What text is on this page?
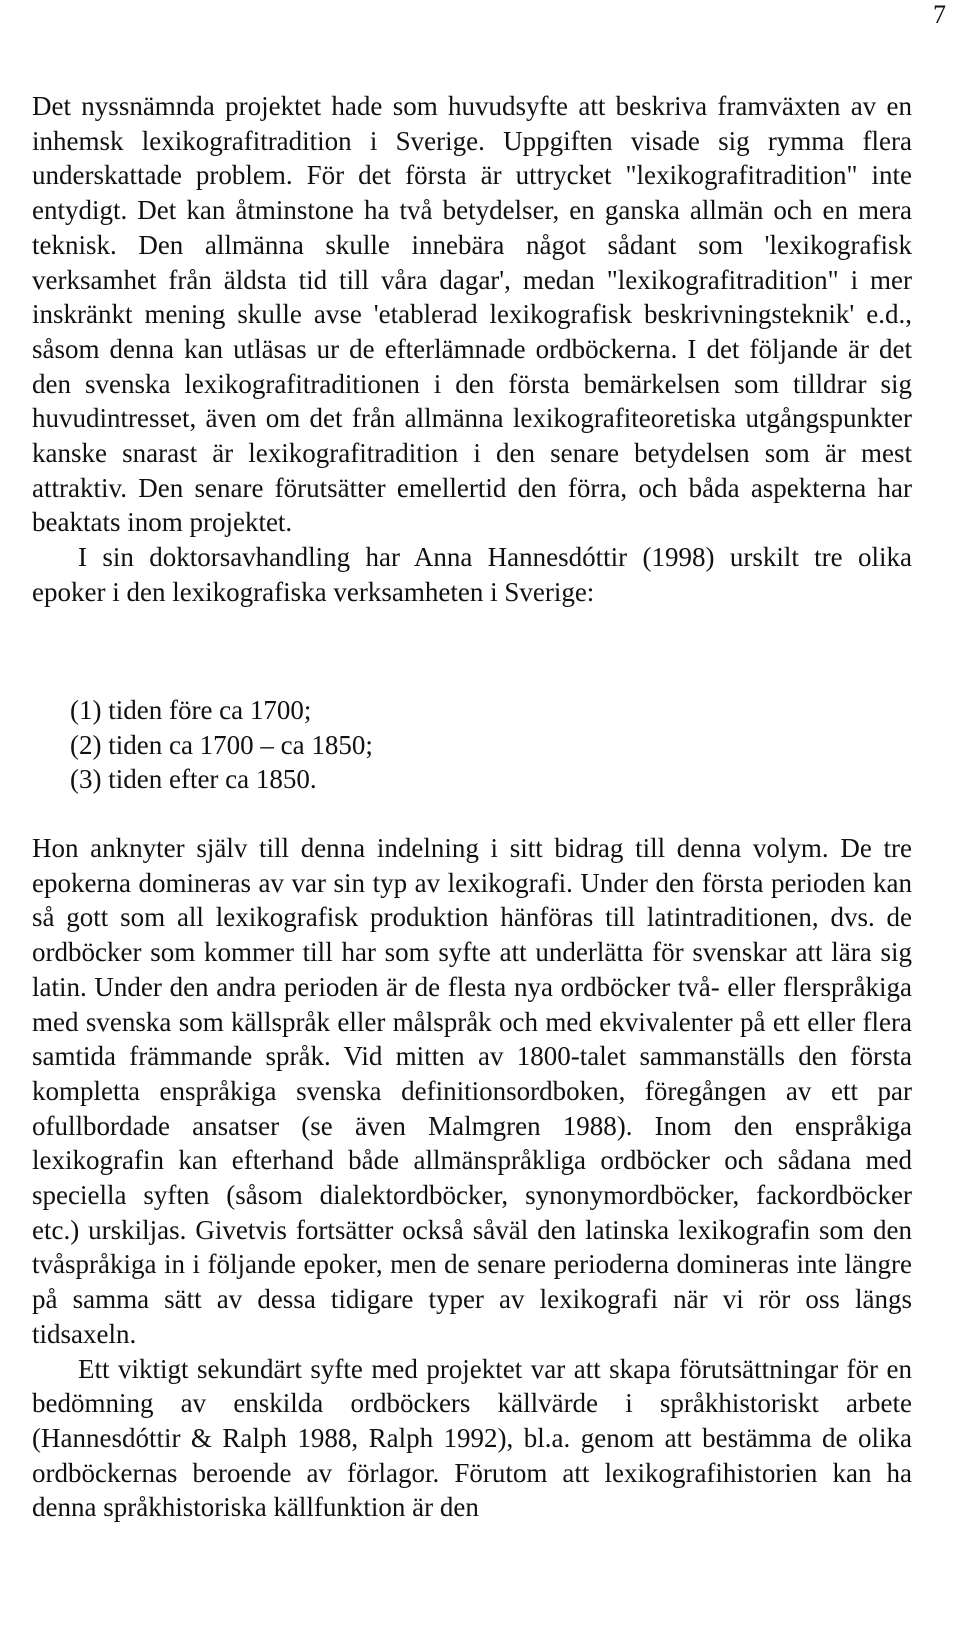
7

Det nyssnämnda projektet hade som huvudsyfte att beskriva framväxten av en inhemsk lexikografitradition i Sverige. Uppgiften visade sig rymma flera underskattade problem. För det första är uttrycket "lexikografitradition" inte entydigt. Det kan åtminstone ha två betydelser, en ganska allmän och en mera teknisk. Den allmänna skulle innebära något sådant som 'lexikografisk verksamhet från äldsta tid till våra dagar', medan "lexikografitradition" i mer inskränkt mening skulle avse 'etablerad lexikografisk beskrivningsteknik' e.d., såsom denna kan utläsas ur de efterlämnade ordböckerna. I det följande är det den svenska lexikografitraditionen i den första bemärkelsen som tilldrar sig huvudintresset, även om det från allmänna lexikografiteoretiska utgångspunkter kanske snarast är lexikografitradition i den senare betydelsen som är mest attraktiv. Den senare förutsätter emellertid den förra, och båda aspekterna har beaktats inom projektet.

I sin doktorsavhandling har Anna Hannesdóttir (1998) urskilt tre olika epoker i den lexikografiska verksamheten i Sverige:

(1) tiden före ca 1700;
(2) tiden ca 1700 – ca 1850;
(3) tiden efter ca 1850.

Hon anknyter själv till denna indelning i sitt bidrag till denna volym. De tre epokerna domineras av var sin typ av lexikografi. Under den första perioden kan så gott som all lexikografisk produktion hänföras till latintraditionen, dvs. de ordböcker som kommer till har som syfte att underlätta för svenskar att lära sig latin. Under den andra perioden är de flesta nya ordböcker två- eller flerspråkiga med svenska som källspråk eller målspråk och med ekvivalenter på ett eller flera samtida främmande språk. Vid mitten av 1800-talet sammanställs den första kompletta enspråkiga svenska definitionsordboken, föregången av ett par ofullbordade ansatser (se även Malmgren 1988). Inom den enspråkiga lexikografin kan efterhand både allmänspråkliga ordböcker och sådana med speciella syften (såsom dialektordböcker, synonymordböcker, fackordböcker etc.) urskiljas. Givetvis fortsätter också såväl den latinska lexikografin som den tvåspråkiga in i följande epoker, men de senare perioderna domineras inte längre på samma sätt av dessa tidigare typer av lexikografi när vi rör oss längs tidsaxeln.

Ett viktigt sekundärt syfte med projektet var att skapa förutsättningar för en bedömning av enskilda ordböckers källvärde i språkhistoriskt arbete (Hannesdóttir & Ralph 1988, Ralph 1992), bl.a. genom att bestämma de olika ordböckernas beroende av förlagor. Förutom att lexikografihistorien kan ha denna språkhistoriska källfunktion är den
